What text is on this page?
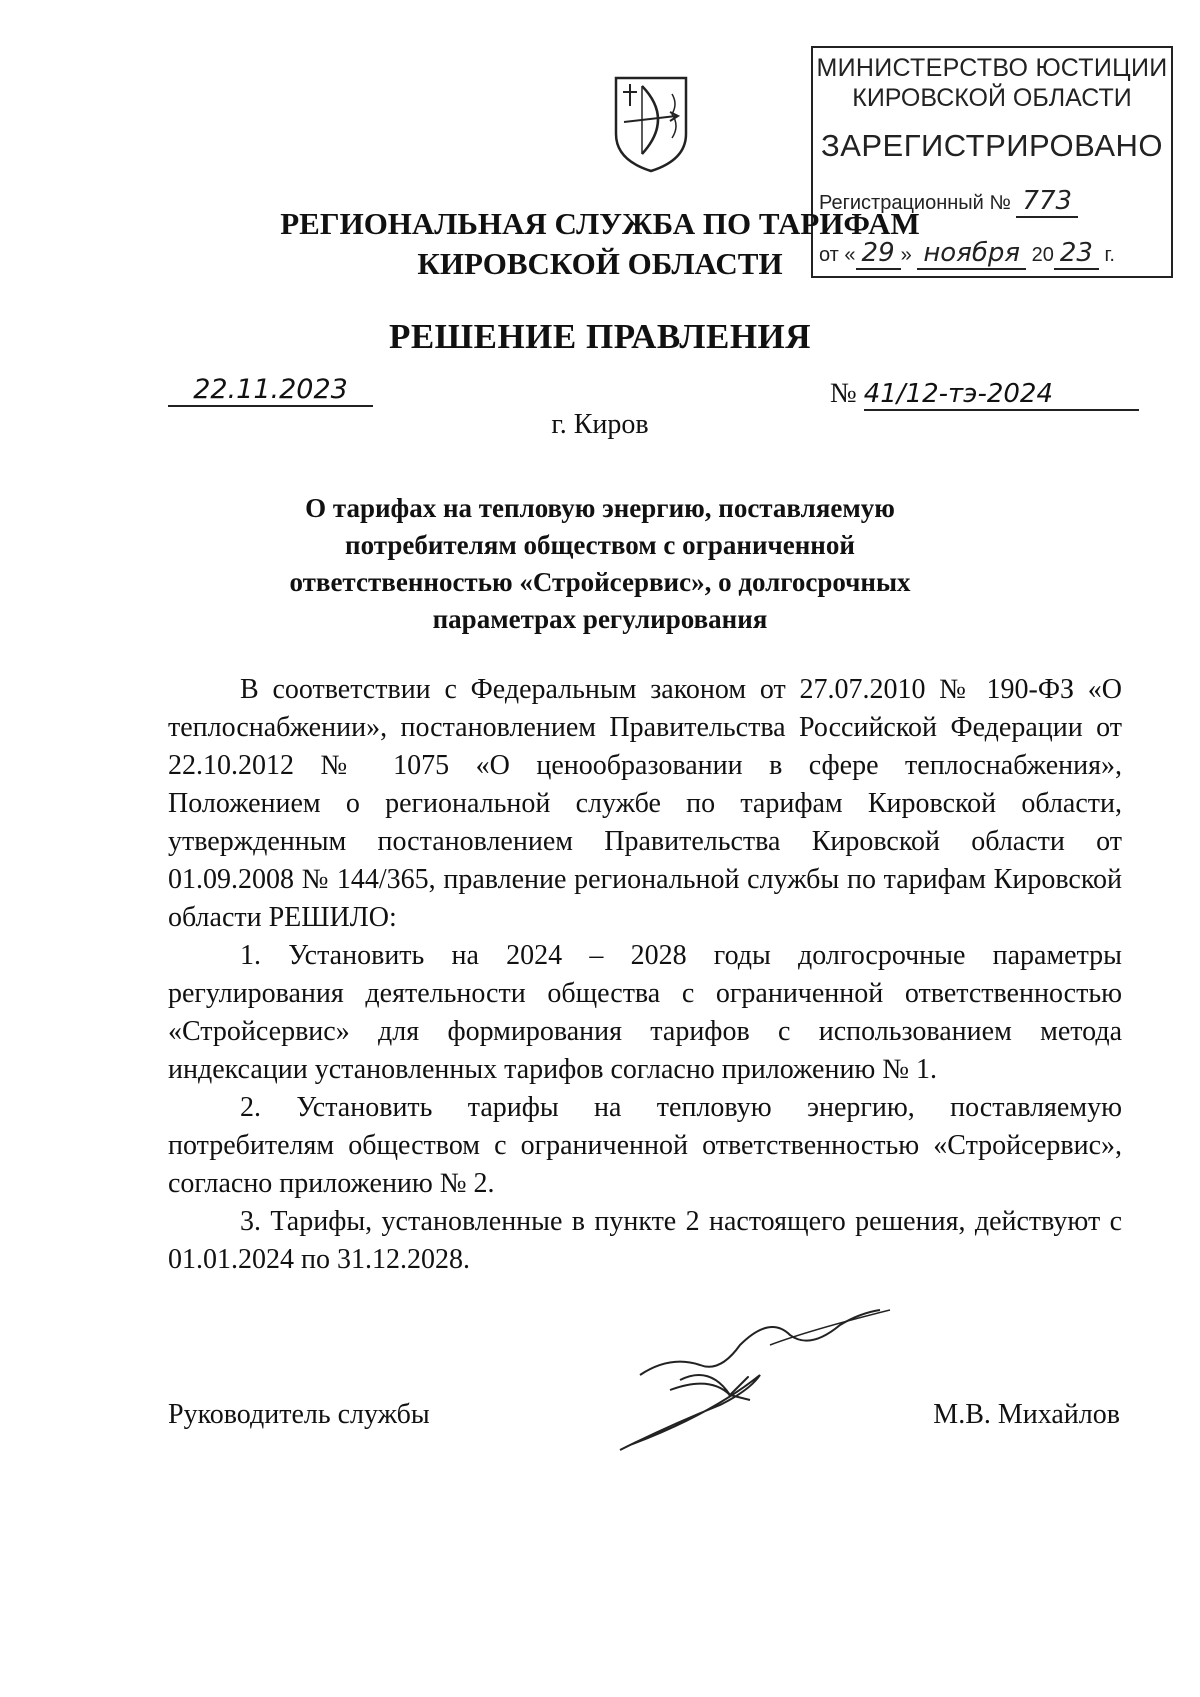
МИНИСТЕРСТВО ЮСТИЦИИ
КИРОВСКОЙ ОБЛАСТИ
ЗАРЕГИСТРИРОВАНО
Регистрационный № 773
от « 29 » ноября 20 23 г.
РЕГИОНАЛЬНАЯ СЛУЖБА ПО ТАРИФАМ
КИРОВСКОЙ ОБЛАСТИ
РЕШЕНИЕ ПРАВЛЕНИЯ
22.11.2023	№ 41/12-тэ-2024
г. Киров
О тарифах на тепловую энергию, поставляемую
потребителям обществом с ограниченной
ответственностью «Стройсервис», о долгосрочных
параметрах регулирования

В соответствии с Федеральным законом от 27.07.2010 № 190-ФЗ «О теплоснабжении», постановлением Правительства Российской Федерации от 22.10.2012 № 1075 «О ценообразовании в сфере теплоснабжения», Положением о региональной службе по тарифам Кировской области, утвержденным постановлением Правительства Кировской области от 01.09.2008 № 144/365, правление региональной службы по тарифам Кировской области РЕШИЛО:

1. Установить на 2024 – 2028 годы долгосрочные параметры регулирования деятельности общества с ограниченной ответственностью «Стройсервис» для формирования тарифов с использованием метода индексации установленных тарифов согласно приложению № 1.

2. Установить тарифы на тепловую энергию, поставляемую потребителям обществом с ограниченной ответственностью «Стройсервис», согласно приложению № 2.

3. Тарифы, установленные в пункте 2 настоящего решения, действуют с 01.01.2024 по 31.12.2028.

Руководитель службы	М.В. Михайлов
